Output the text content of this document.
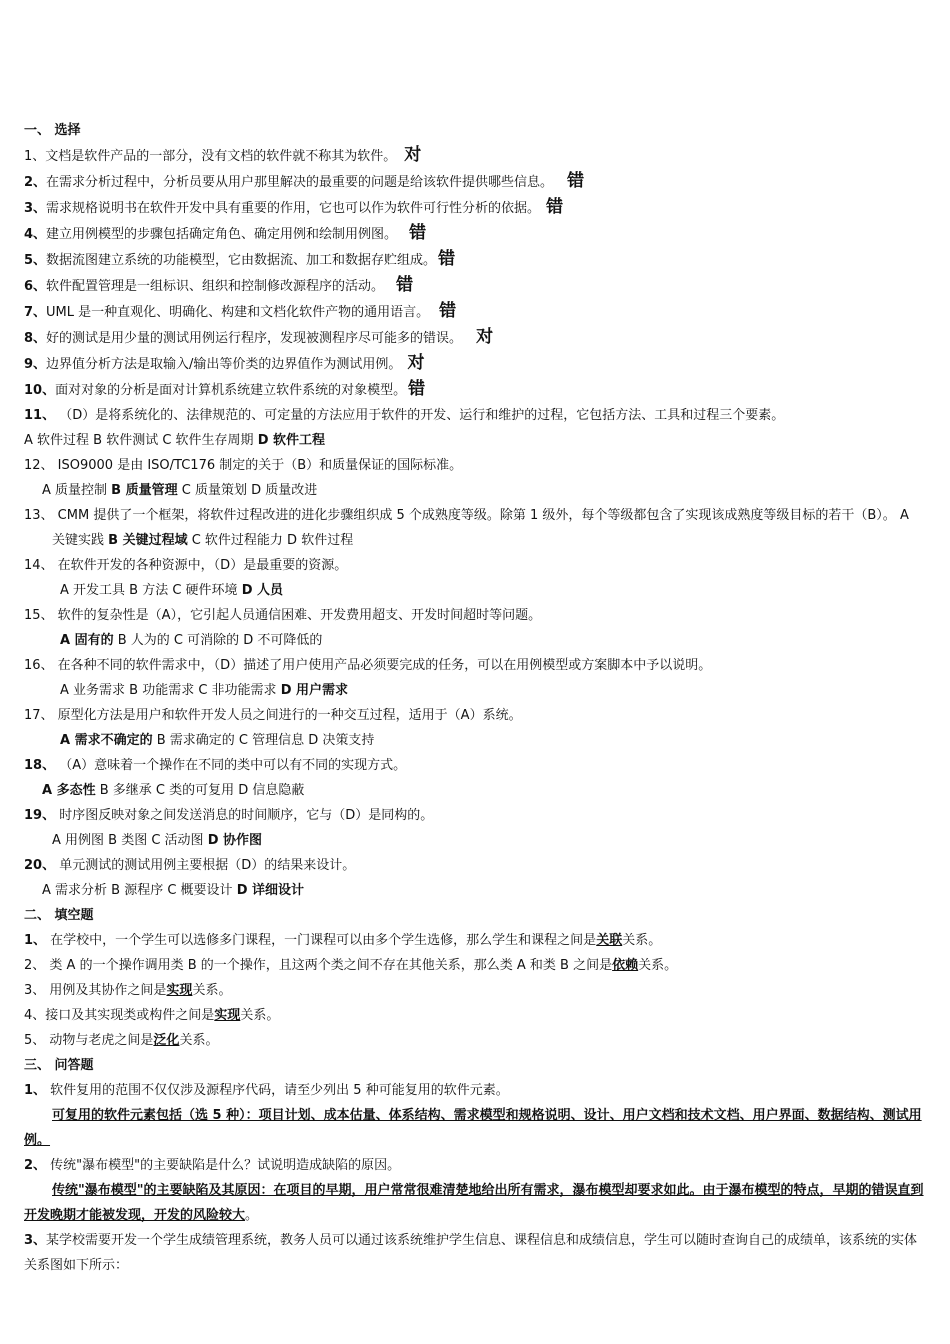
一、 选择
1、文档是软件产品的一部分，没有文档的软件就不称其为软件。 对
2、在需求分析过程中，分析员要从用户那里解决的最重要的问题是给该软件提供哪些信息。 错
3、需求规格说明书在软件开发中具有重要的作用，它也可以作为软件可行性分析的依据。 错
4、建立用例模型的步骤包括确定角色、确定用例和绘制用例图。 错
5、数据流图建立系统的功能模型，它由数据流、加工和数据存贮组成。 错
6、软件配置管理是一组标识、组织和控制修改源程序的活动。 错
7、UML 是一种直观化、明确化、构建和文档化软件产物的通用语言。 错
8、好的测试是用少量的测试用例运行程序，发现被测程序尽可能多的错误。 对
9、边界值分析方法是取输入/输出等价类的边界值作为测试用例。 对
10、面对对象的分析是面对计算机系统建立软件系统的对象模型。 错
11、 （D）是将系统化的、法律规范的、可定量的方法应用于软件的开发、运行和维护的过程，它包括方法、工具和过程三个要素。
A 软件过程 B 软件测试 C 软件生存周期 D 软件工程
12、 ISO9000 是由 ISO/TC176 制定的关于（B）和质量保证的国际标准。
A 质量控制 B 质量管理 C 质量策划 D 质量改进
13、 CMM 提供了一个框架，将软件过程改进的进化步骤组织成 5 个成熟度等级。除第 1 级外，每个等级都包含了实现该成熟度等级目标的若干（B）。 A 关键实践 B 关键过程域 C 软件过程能力 D 软件过程
14、 在软件开发的各种资源中，（D）是最重要的资源。
A 开发工具 B 方法 C 硬件环境 D 人员
15、 软件的复杂性是（A），它引起人员通信困难、开发费用超支、开发时间超时等问题。
A 固有的 B 人为的 C 可消除的 D 不可降低的
16、 在各种不同的软件需求中，（D）描述了用户使用产品必须要完成的任务，可以在用例模型或方案脚本中予以说明。
A 业务需求 B 功能需求 C 非功能需求 D 用户需求
17、 原型化方法是用户和软件开发人员之间进行的一种交互过程，适用于（A）系统。
A 需求不确定的 B 需求确定的 C 管理信息 D 决策支持
18、 （A）意味着一个操作在不同的类中可以有不同的实现方式。
A 多态性 B 多继承 C 类的可复用 D 信息隐蔽
19、 时序图反映对象之间发送消息的时间顺序，它与（D）是同构的。
A 用例图 B 类图 C 活动图 D 协作图
20、 单元测试的测试用例主要根据（D）的结果来设计。
A 需求分析 B 源程序 C 概要设计 D 详细设计
二、 填空题
1、 在学校中，一个学生可以选修多门课程，一门课程可以由多个学生选修，那么学生和课程之间是关联关系。
2、 类 A 的一个操作调用类 B 的一个操作，且这两个类之间不存在其他关系，那么类 A 和类 B 之间是依赖关系。
3、 用例及其协作之间是实现关系。
4、接口及其实现类或构件之间是实现关系。
5、 动物与老虎之间是泛化关系。
三、 问答题
1、 软件复用的范围不仅仅涉及源程序代码，请至少列出 5 种可能复用的软件元素。
可复用的软件元素包括（选 5 种）：项目计划、成本估量、体系结构、需求模型和规格说明、设计、用户文档和技术文档、用户界面、数据结构、测试用例。
2、 传统"瀑布模型"的主要缺陷是什么？试说明造成缺陷的原因。
传统"瀑布模型"的主要缺陷及其原因：在项目的早期，用户常常很难清楚地给出所有需求，瀑布模型却要求如此。由于瀑布模型的特点，早期的错误直到开发晚期才能被发现，开发的风险较大。
3、某学校需要开发一个学生成绩管理系统，教务人员可以通过该系统维护学生信息、课程信息和成绩信息，学生可以随时查询自己的成绩单，该系统的实体关系图如下所示：
